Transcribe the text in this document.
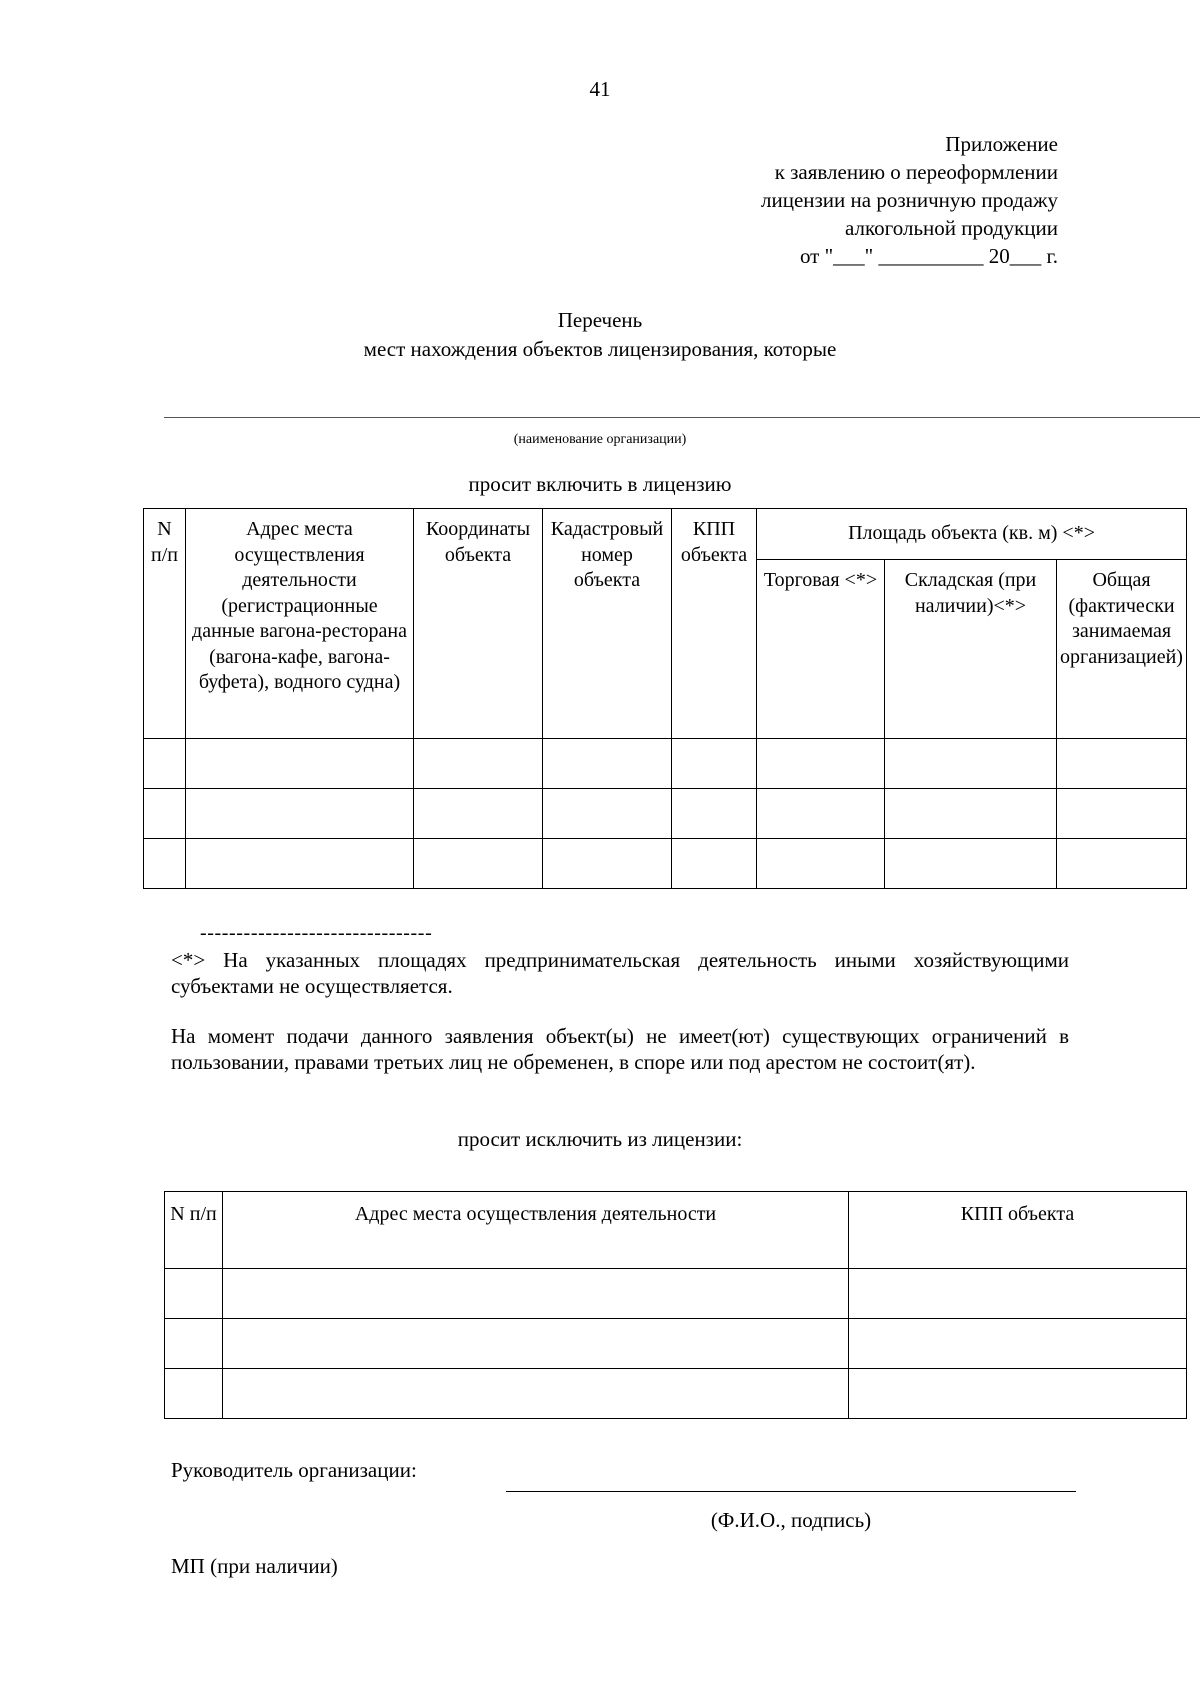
41
Приложение
к заявлению о переоформлении
лицензии на розничную продажу
алкогольной продукции
от "___" __________ 20___ г.
Перечень
мест нахождения объектов лицензирования, которые
(наименование организации)
просит включить в лицензию
N п/п	Адрес места осуществления деятельности (регистрационные данные вагона-ресторана (вагона-кафе, вагона-буфета), водного судна)	Координаты объекта	Кадастровый номер объекта	КПП объекта	Площадь объекта (кв. м) <*>		
					Торговая <*>	Складская (при наличии)<*>	Общая (фактически занимаемая организацией)

--------------------------------
<*> На указанных площадях предпринимательская деятельность иными хозяйствующими субъектами не осуществляется.
На момент подачи данного заявления объект(ы) не имеет(ют) существующих ограничений в пользовании, правами третьих лиц не обременен, в споре или под арестом не состоит(ят).
просит исключить из лицензии:
N п/п	Адрес места осуществления деятельности	КПП объекта

Руководитель организации:
(Ф.И.О., подпись)
МП (при наличии)
